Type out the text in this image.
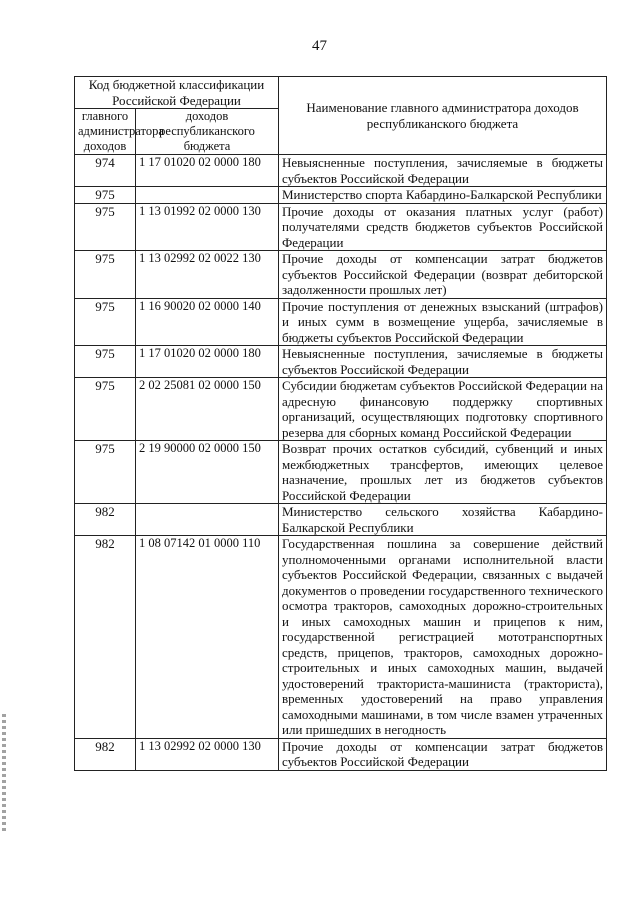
47
Код бюджетной классификации Российской Федерации		Наименование главного администратора доходов республиканского бюджета
главного администратора доходов	доходов республиканского бюджета	
974	1 17 01020 02 0000 180	Невыясненные поступления, зачисляемые в бюджеты субъектов Российской Федерации
975		Министерство спорта Кабардино-Балкарской Республики
975	1 13 01992 02 0000 130	Прочие доходы от оказания платных услуг (работ) получателями средств бюджетов субъектов Российской Федерации
975	1 13 02992 02 0022 130	Прочие доходы от компенсации затрат бюджетов субъектов Российской Федерации (возврат дебиторской задолженности прошлых лет)
975	1 16 90020 02 0000 140	Прочие поступления от денежных взысканий (штрафов) и иных сумм в возмещение ущерба, зачисляемые в бюджеты субъектов Российской Федерации
975	1 17 01020 02 0000 180	Невыясненные поступления, зачисляемые в бюджеты субъектов Российской Федерации
975	2 02 25081 02 0000 150	Субсидии бюджетам субъектов Российской Федерации на адресную финансовую поддержку спортивных организаций, осуществляющих подготовку спортивного резерва для сборных команд Российской Федерации
975	2 19 90000 02 0000 150	Возврат прочих остатков субсидий, субвенций и иных межбюджетных трансфертов, имеющих целевое назначение, прошлых лет из бюджетов субъектов Российской Федерации
982		Министерство сельского хозяйства Кабардино-Балкарской Республики
982	1 08 07142 01 0000 110	Государственная пошлина за совершение действий уполномоченными органами исполнительной власти субъектов Российской Федерации, связанных с выдачей документов о проведении государственного технического осмотра тракторов, самоходных дорожно-строительных и иных самоходных машин и прицепов к ним, государственной регистрацией мототранспортных средств, прицепов, тракторов, самоходных дорожно-строительных и иных самоходных машин, выдачей удостоверений тракториста-машиниста (тракториста), временных удостоверений на право управления самоходными машинами, в том числе взамен утраченных или пришедших в негодность
982	1 13 02992 02 0000 130	Прочие доходы от компенсации затрат бюджетов субъектов Российской Федерации
